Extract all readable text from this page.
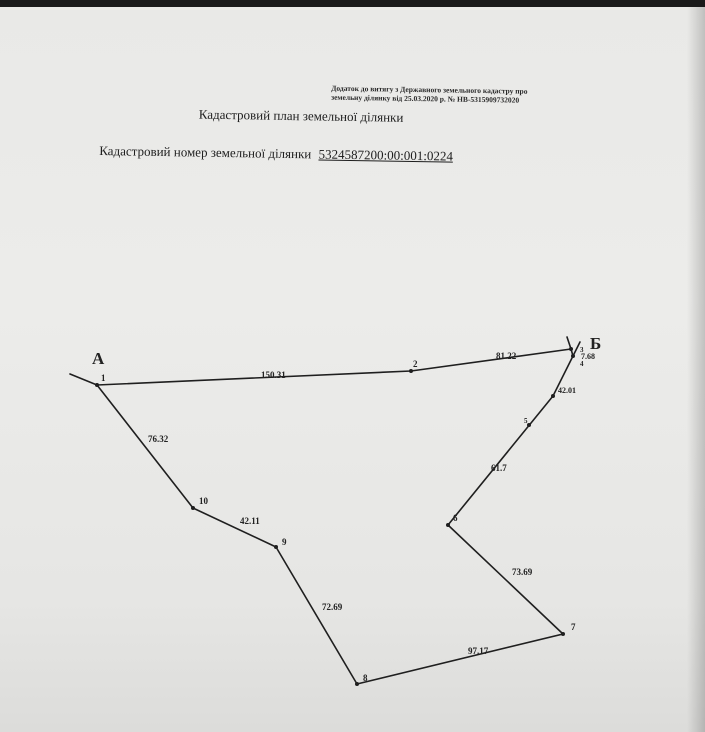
Додаток до витягу з Державного земельного кадастру про
земельну ділянку від 25.03.2020 р. № НВ-5315909732020
Кадастровий план земельної ділянки
Кадастровий номер земельної ділянки 5324587200:00:001:0224
А
Б
1
2
3
4
5
6
7
8
9
10
150.31
81.22	7.68
42.01
61.7
73.69
97.17
72.69
42.11
76.32
